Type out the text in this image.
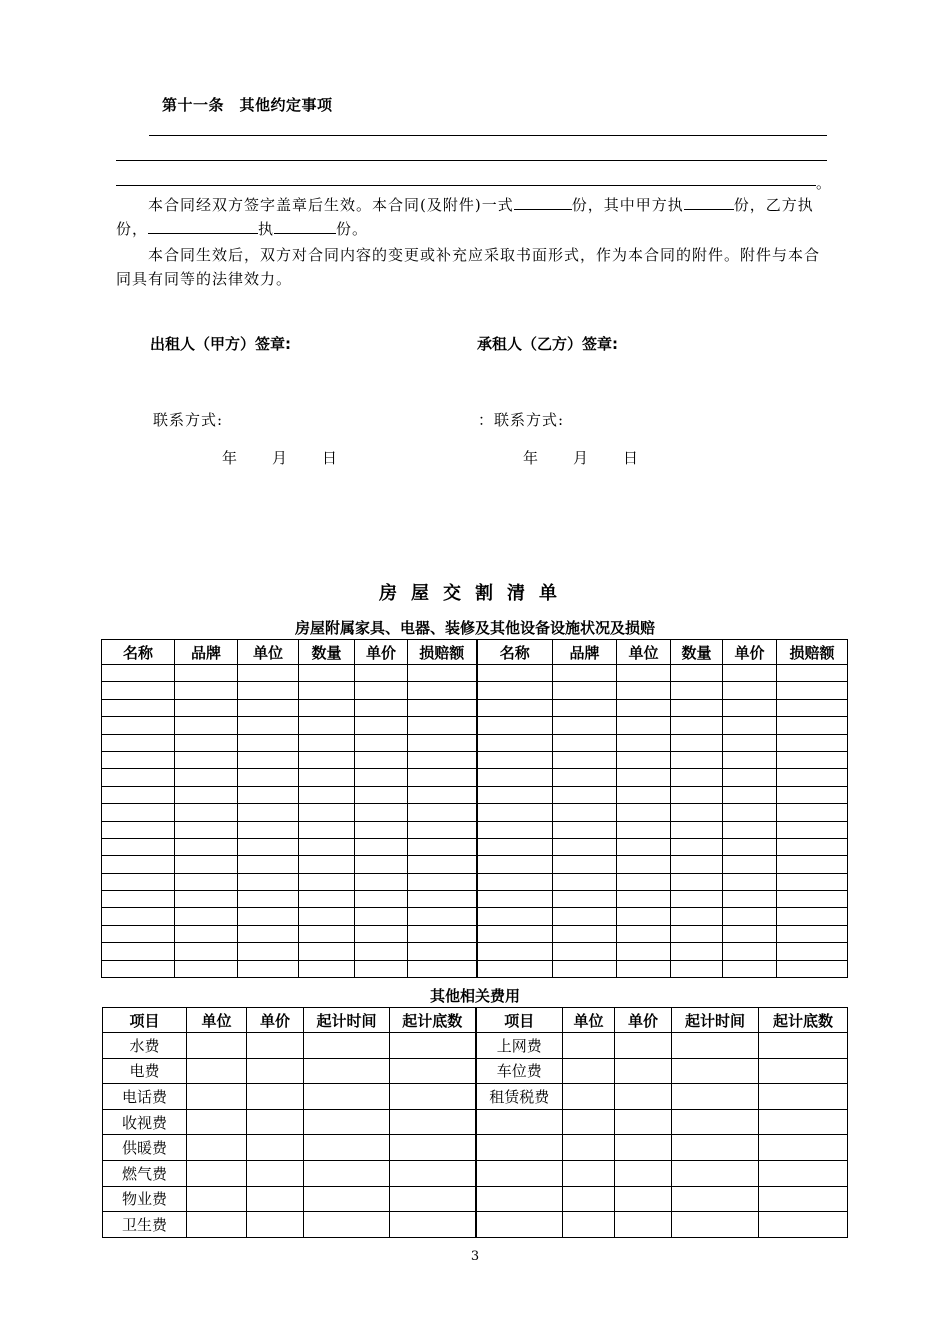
第十一条　其他约定事项
。
本合同经双方签字盖章后生效。本合同(及附件)一式	份，其中甲方执	份，乙方执
份，	执	份。
本合同生效后，双方对合同内容的变更或补充应采取书面形式，作为本合同的附件。附件与本合
同具有同等的法律效力。
出租人（甲方）签章:	承租人（乙方）签章:
联系方式:	：联系方式:
年 月 日	年 月 日
房屋交割清单
房屋附属家具、电器、装修及其他设备设施状况及损赔
名称	品牌	单位	数量	单价	损赔额	名称	品牌	单位	数量	单价	损赔额

其他相关费用
项目	单位	单价	起计时间	起计底数	项目	单位	单价	起计时间	起计底数
水费					上网费				
电费					车位费				
电话费					租赁税费				
收视费									
供暖费									
燃气费									
物业费									
卫生费									
3
